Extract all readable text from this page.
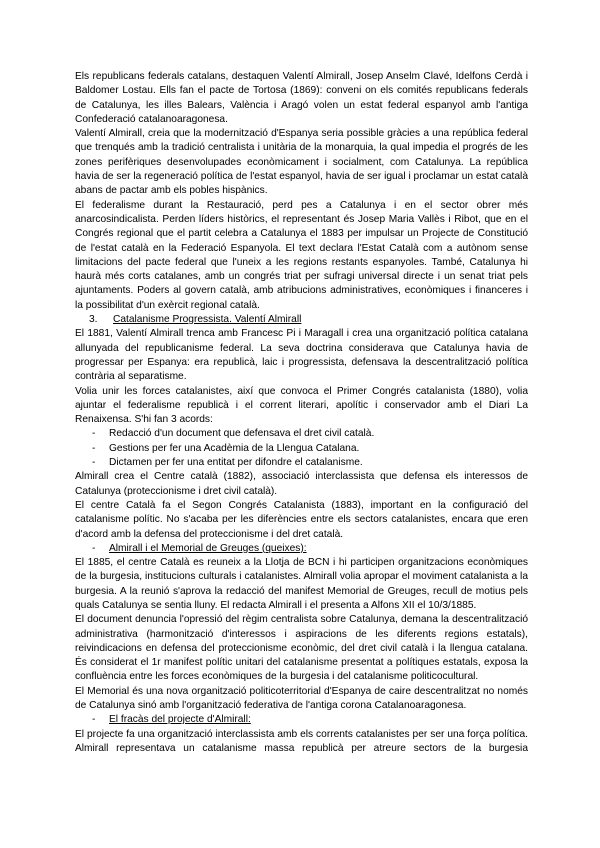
Els republicans federals catalans, destaquen Valentí Almirall, Josep Anselm Clavé, Idelfons Cerdà i Baldomer Lostau. Ells fan el pacte de Tortosa (1869): conveni on els comités republicans federals de Catalunya, les illes Balears, València i Aragó volen un estat federal espanyol amb l'antiga Confederació catalanoaragonesa.

Valentí Almirall, creia que la modernització d'Espanya seria possible gràcies a una república federal que trenqués amb la tradició centralista i unitària de la monarquia, la qual impedia el progrés de les zones perifèriques desenvolupades econòmicament i socialment, com Catalunya. La república havia de ser la regeneració política de l'estat espanyol, havia de ser igual i proclamar un estat català abans de pactar amb els pobles hispànics.

El federalisme durant la Restauració, perd pes a Catalunya i en el sector obrer més anarcosindicalista. Perden líders històrics, el representant és Josep Maria Vallès i Ribot, que en el Congrés regional que el partit celebra a Catalunya el 1883 per impulsar un Projecte de Constitució de l'estat català en la Federació Espanyola. El text declara l'Estat Català com a autònom sense limitacions del pacte federal que l'uneix a les regions restants espanyoles. També, Catalunya hi haurà més corts catalanes, amb un congrés triat per sufragi universal directe i un senat triat pels ajuntaments. Poders al govern català, amb atribucions administratives, econòmiques i financeres i la possibilitat d'un exèrcit regional català.

3.	Catalanisme Progressista. Valentí Almirall

El 1881, Valentí Almirall trenca amb Francesc Pi i Maragall i crea una organització política catalana allunyada del republicanisme federal. La seva doctrina considerava que Catalunya havia de progressar per Espanya: era republicà, laic i progressista, defensava la descentralització política contrària al separatisme.

Volia unir les forces catalanistes, així que convoca el Primer Congrés catalanista (1880), volia ajuntar el federalisme republicà i el corrent literari, apolític i conservador amb el Diari La Renaixensa. S'hi fan 3 acords:

-	Redacció d'un document que defensava el dret civil català.
-	Gestions per fer una Acadèmia de la Llengua Catalana.
-	Dictamen per fer una entitat per difondre el catalanisme.

Almirall crea el Centre català (1882), associació interclassista que defensa els interessos de Catalunya (proteccionisme i dret civil català).

El centre Català fa el Segon Congrés Catalanista (1883), important en la configuració del catalanisme polític. No s'acaba per les diferències entre els sectors catalanistes, encara que eren d'acord amb la defensa del proteccionisme i del dret català.

-	Almirall i el Memorial de Greuges (queixes):

El 1885, el centre Català es reuneix a la Llotja de BCN i hi participen organitzacions econòmiques de la burgesia, institucions culturals i catalanistes. Almirall volia apropar el moviment catalanista a la burgesia. A la reunió s'aprova la redacció del manifest Memorial de Greuges, recull de motius pels quals Catalunya se sentia lluny. El redacta Almirall i el presenta a Alfons XII el 10/3/1885.

El document denuncia l'opressió del règim centralista sobre Catalunya, demana la descentralització administrativa (harmonització d'interessos i aspiracions de les diferents regions estatals), reivindicacions en defensa del proteccionisme econòmic, del dret civil català i la llengua catalana. És considerat el 1r manifest polític unitari del catalanisme presentat a polítiques estatals, exposa la confluència entre les forces econòmiques de la burgesia i del catalanisme politicocultural.

El Memorial és una nova organització politicoterritorial d'Espanya de caire descentralitzat no només de Catalunya sinó amb l'organització federativa de l'antiga corona Catalanoaragonesa.

-	El fracàs del projecte d'Almirall:

El projecte fa una organització interclassista amb els corrents catalanistes per ser una força política. Almirall representava un catalanisme massa republicà per atreure sectors de la burgesia
